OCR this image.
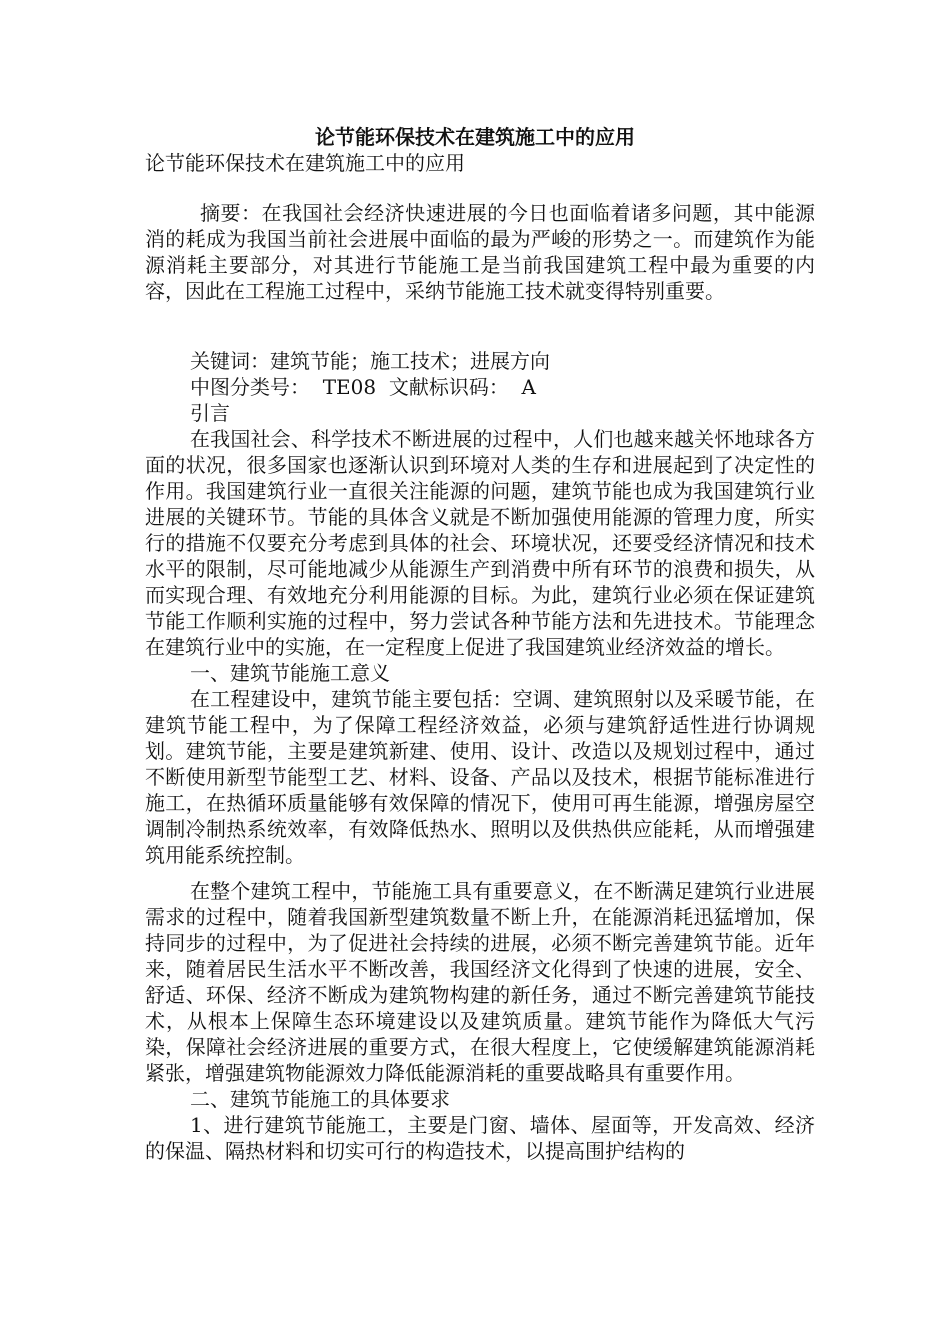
论节能环保技术在建筑施工中的应用

论节能环保技术在建筑施工中的应用

摘要：在我国社会经济快速进展的今日也面临着诸多问题，其中能源消的耗成为我国当前社会进展中面临的最为严峻的形势之一。而建筑作为能源消耗主要部分，对其进行节能施工是当前我国建筑工程中最为重要的内容，因此在工程施工过程中，采纳节能施工技术就变得特别重要。

关键词：建筑节能；施工技术；进展方向

中图分类号：  TE08  文献标识码：  A

引言

在我国社会、科学技术不断进展的过程中，人们也越来越关怀地球各方面的状况，很多国家也逐渐认识到环境对人类的生存和进展起到了决定性的作用。我国建筑行业一直很关注能源的问题，建筑节能也成为我国建筑行业进展的关键环节。节能的具体含义就是不断加强使用能源的管理力度，所实行的措施不仅要充分考虑到具体的社会、环境状况，还要受经济情况和技术水平的限制，尽可能地减少从能源生产到消费中所有环节的浪费和损失，从而实现合理、有效地充分利用能源的目标。为此，建筑行业必须在保证建筑节能工作顺利实施的过程中，努力尝试各种节能方法和先进技术。节能理念在建筑行业中的实施，在一定程度上促进了我国建筑业经济效益的增长。

一、建筑节能施工意义

在工程建设中，建筑节能主要包括：空调、建筑照射以及采暖节能，在建筑节能工程中，为了保障工程经济效益，必须与建筑舒适性进行协调规划。建筑节能，主要是建筑新建、使用、设计、改造以及规划过程中，通过不断使用新型节能型工艺、材料、设备、产品以及技术，根据节能标准进行施工，在热循环质量能够有效保障的情况下，使用可再生能源，增强房屋空调制冷制热系统效率，有效降低热水、照明以及供热供应能耗，从而增强建筑用能系统控制。

在整个建筑工程中，节能施工具有重要意义，在不断满足建筑行业进展需求的过程中，随着我国新型建筑数量不断上升，在能源消耗迅猛增加，保持同步的过程中，为了促进社会持续的进展，必须不断完善建筑节能。近年来，随着居民生活水平不断改善，我国经济文化得到了快速的进展，安全、舒适、环保、经济不断成为建筑物构建的新任务，通过不断完善建筑节能技术，从根本上保障生态环境建设以及建筑质量。建筑节能作为降低大气污染，保障社会经济进展的重要方式，在很大程度上，它使缓解建筑能源消耗紧张，增强建筑物能源效力降低能源消耗的重要战略具有重要作用。

二、建筑节能施工的具体要求

1、进行建筑节能施工，主要是门窗、墙体、屋面等，开发高效、经济的保温、隔热材料和切实可行的构造技术，以提高围护结构的
